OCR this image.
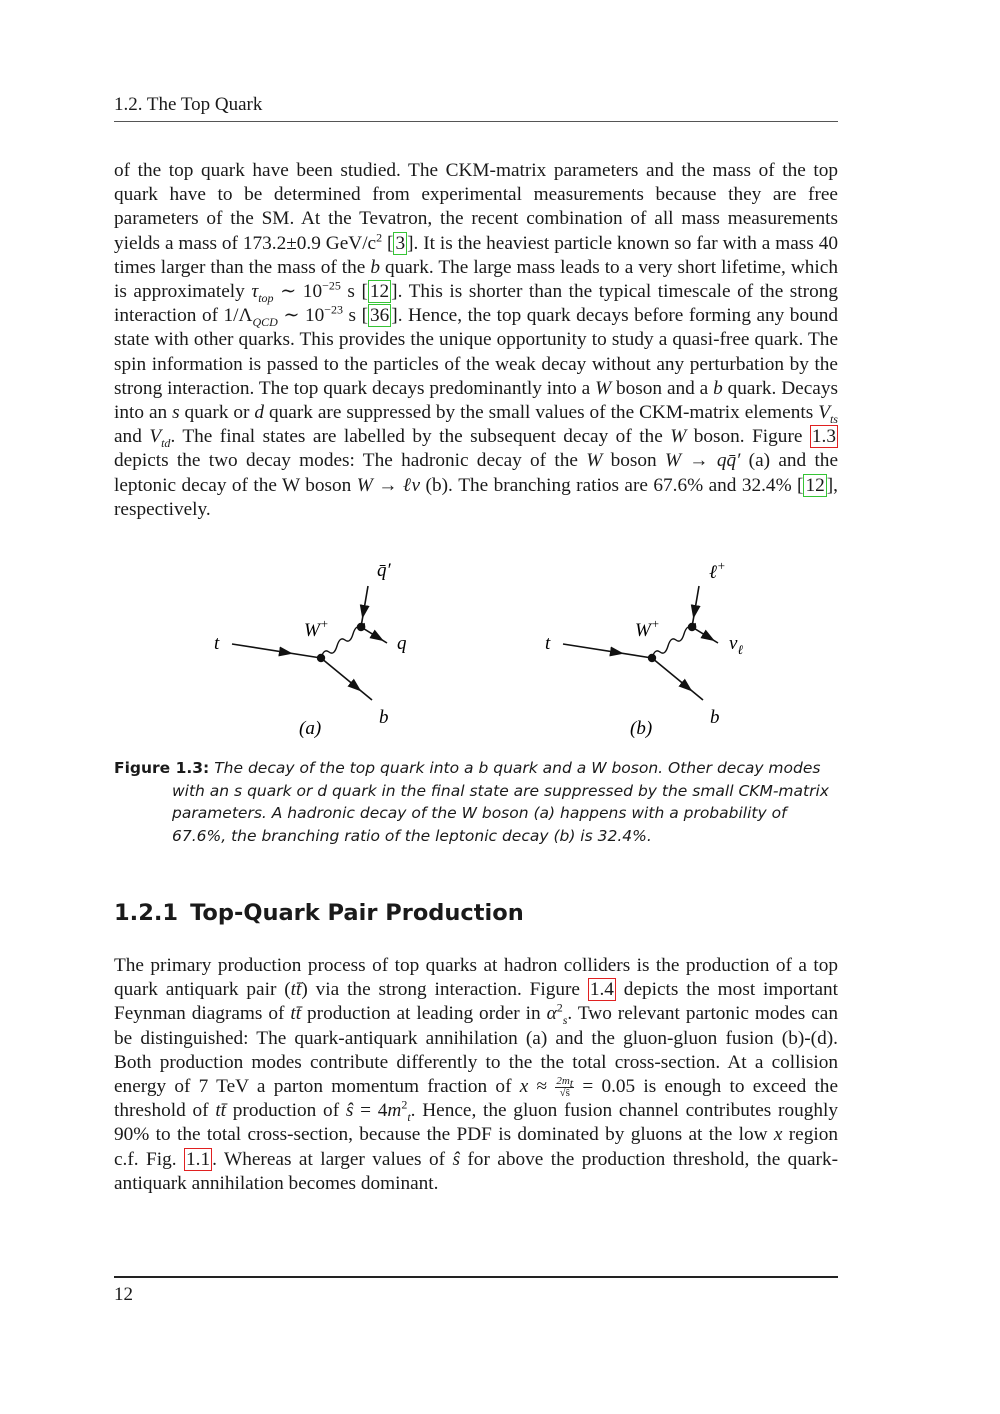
1.2. The Top Quark

of the top quark have been studied. The CKM-matrix parameters and the mass of the top quark have to be determined from experimental measurements because they are free parameters of the SM. At the Tevatron, the recent combination of all mass measurements yields a mass of 173.2±0.9 GeV/$c^2$ [ 3 ]. It is the heaviest particle known so far with a mass 40 times larger than the mass of the b quark. The large mass leads to a very short lifetime, which is approximately $\tau_{top}$ ∼ $10^{-25}$ s [ 12 ]. This is shorter than the typical timescale of the strong interaction of $1/\Lambda_{QCD}$ ∼ $10^{-23}$ s [ 36 ]. Hence, the top quark decays before forming any bound state with other quarks. This provides the unique opportunity to study a quasi-free quark. The spin information is passed to the particles of the weak decay without any perturbation by the strong interaction. The top quark decays predominantly into a W boson and a b quark. Decays into an s quark or d quark are suppressed by the small values of the CKM-matrix elements $V_{ts}$ and $V_{td}$. The final states are labelled by the subsequent decay of the W boson. Figure 1.3 depicts the two decay modes: The hadronic decay of the W boson W → qq̄′ (a) and the leptonic decay of the W boson W → ℓν (b). The branching ratios are 67.6% and 32.4% [ 12 ], respectively.

t
W+
q̄′
q
b
(a)
t
W+
ℓ+
$\nu_\ell$
b
(b)
Figure 1.3: The decay of the top quark into a b quark and a W boson. Other decay modes with an s quark or d quark in the final state are suppressed by the small CKM-matrix parameters. A hadronic decay of the W boson (a) happens with a probability of 67.6%, the branching ratio of the leptonic decay (b) is 32.4%.
1.2.1 Top-Quark Pair Production

The primary production process of top quarks at hadron colliders is the production of a top quark antiquark pair (tt̄) via the strong interaction. Figure 1.4 depicts the most important Feynman diagrams of tt̄ production at leading order in $\alpha^2_s$. Two relevant partonic modes can be distinguished: The quark-antiquark annihilation (a) and the gluon-gluon fusion (b)-(d). Both production modes contribute differently to the the total cross-section. At a collision energy of 7 TeV a parton momentum fraction of $x \approx \frac{2m_t}{√ŝ} = 0.05$ is enough to exceed the threshold of tt̄ production of ŝ = $4m^2_t$. Hence, the gluon fusion channel contributes roughly 90% to the total cross-section, because the PDF is dominated by gluons at the low x region c.f. Fig. 1.1 . Whereas at larger values of ŝ for above the production threshold, the quark-antiquark annihilation becomes dominant.

12
